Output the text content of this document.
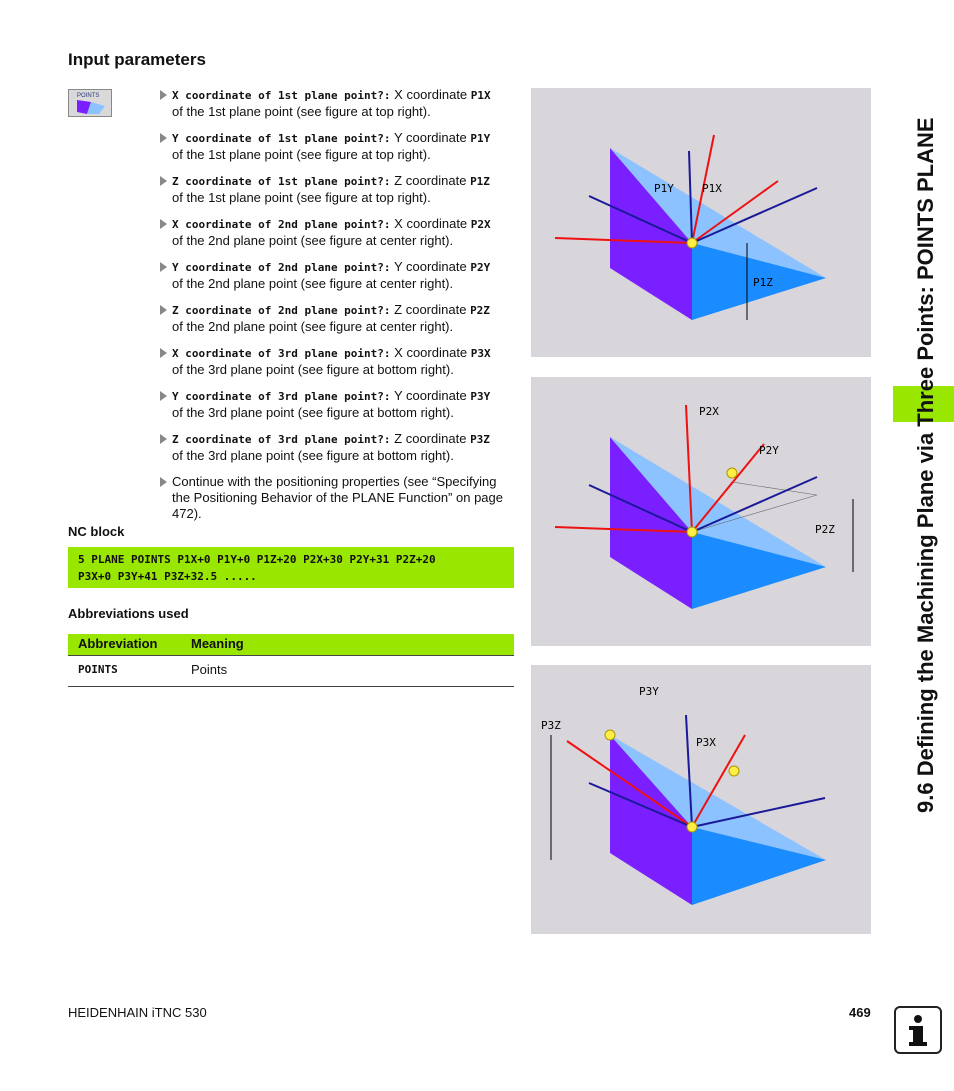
Input parameters
POINTS	X coordinate of 1st plane point?: X coordinate P1X
of the 1st plane point (see figure at top right).
Y coordinate of 1st plane point?: Y coordinate P1Y
of the 1st plane point (see figure at top right).
Z coordinate of 1st plane point?: Z coordinate P1Z
of the 1st plane point (see figure at top right).
X coordinate of 2nd plane point?: X coordinate P2X
of the 2nd plane point (see figure at center right).
Y coordinate of 2nd plane point?: Y coordinate P2Y
of the 2nd plane point (see figure at center right).
Z coordinate of 2nd plane point?: Z coordinate P2Z
of the 2nd plane point (see figure at center right).
X coordinate of 3rd plane point?: X coordinate P3X
of the 3rd plane point (see figure at bottom right).
Y coordinate of 3rd plane point?: Y coordinate P3Y
of the 3rd plane point (see figure at bottom right).
Z coordinate of 3rd plane point?: Z coordinate P3Z
of the 3rd plane point (see figure at bottom right).
Continue with the positioning properties (see “Specifying the Positioning Behavior of the PLANE Function” on page 472).
NC block
5 PLANE POINTS P1X+0 P1Y+0 P1Z+20 P2X+30 P2Y+31 P2Z+20
P3X+0 P3Y+41 P3Z+32.5 .....
Abbreviations used
Abbreviation	Meaning
POINTS	Points
P1Y	P1X
P1Z
P2X
P2Y
P2Z
P3Y
P3Z
P3X	9.6 Defining the Machining Plane via Three Points: POINTS PLANE
HEIDENHAIN iTNC 530	469
